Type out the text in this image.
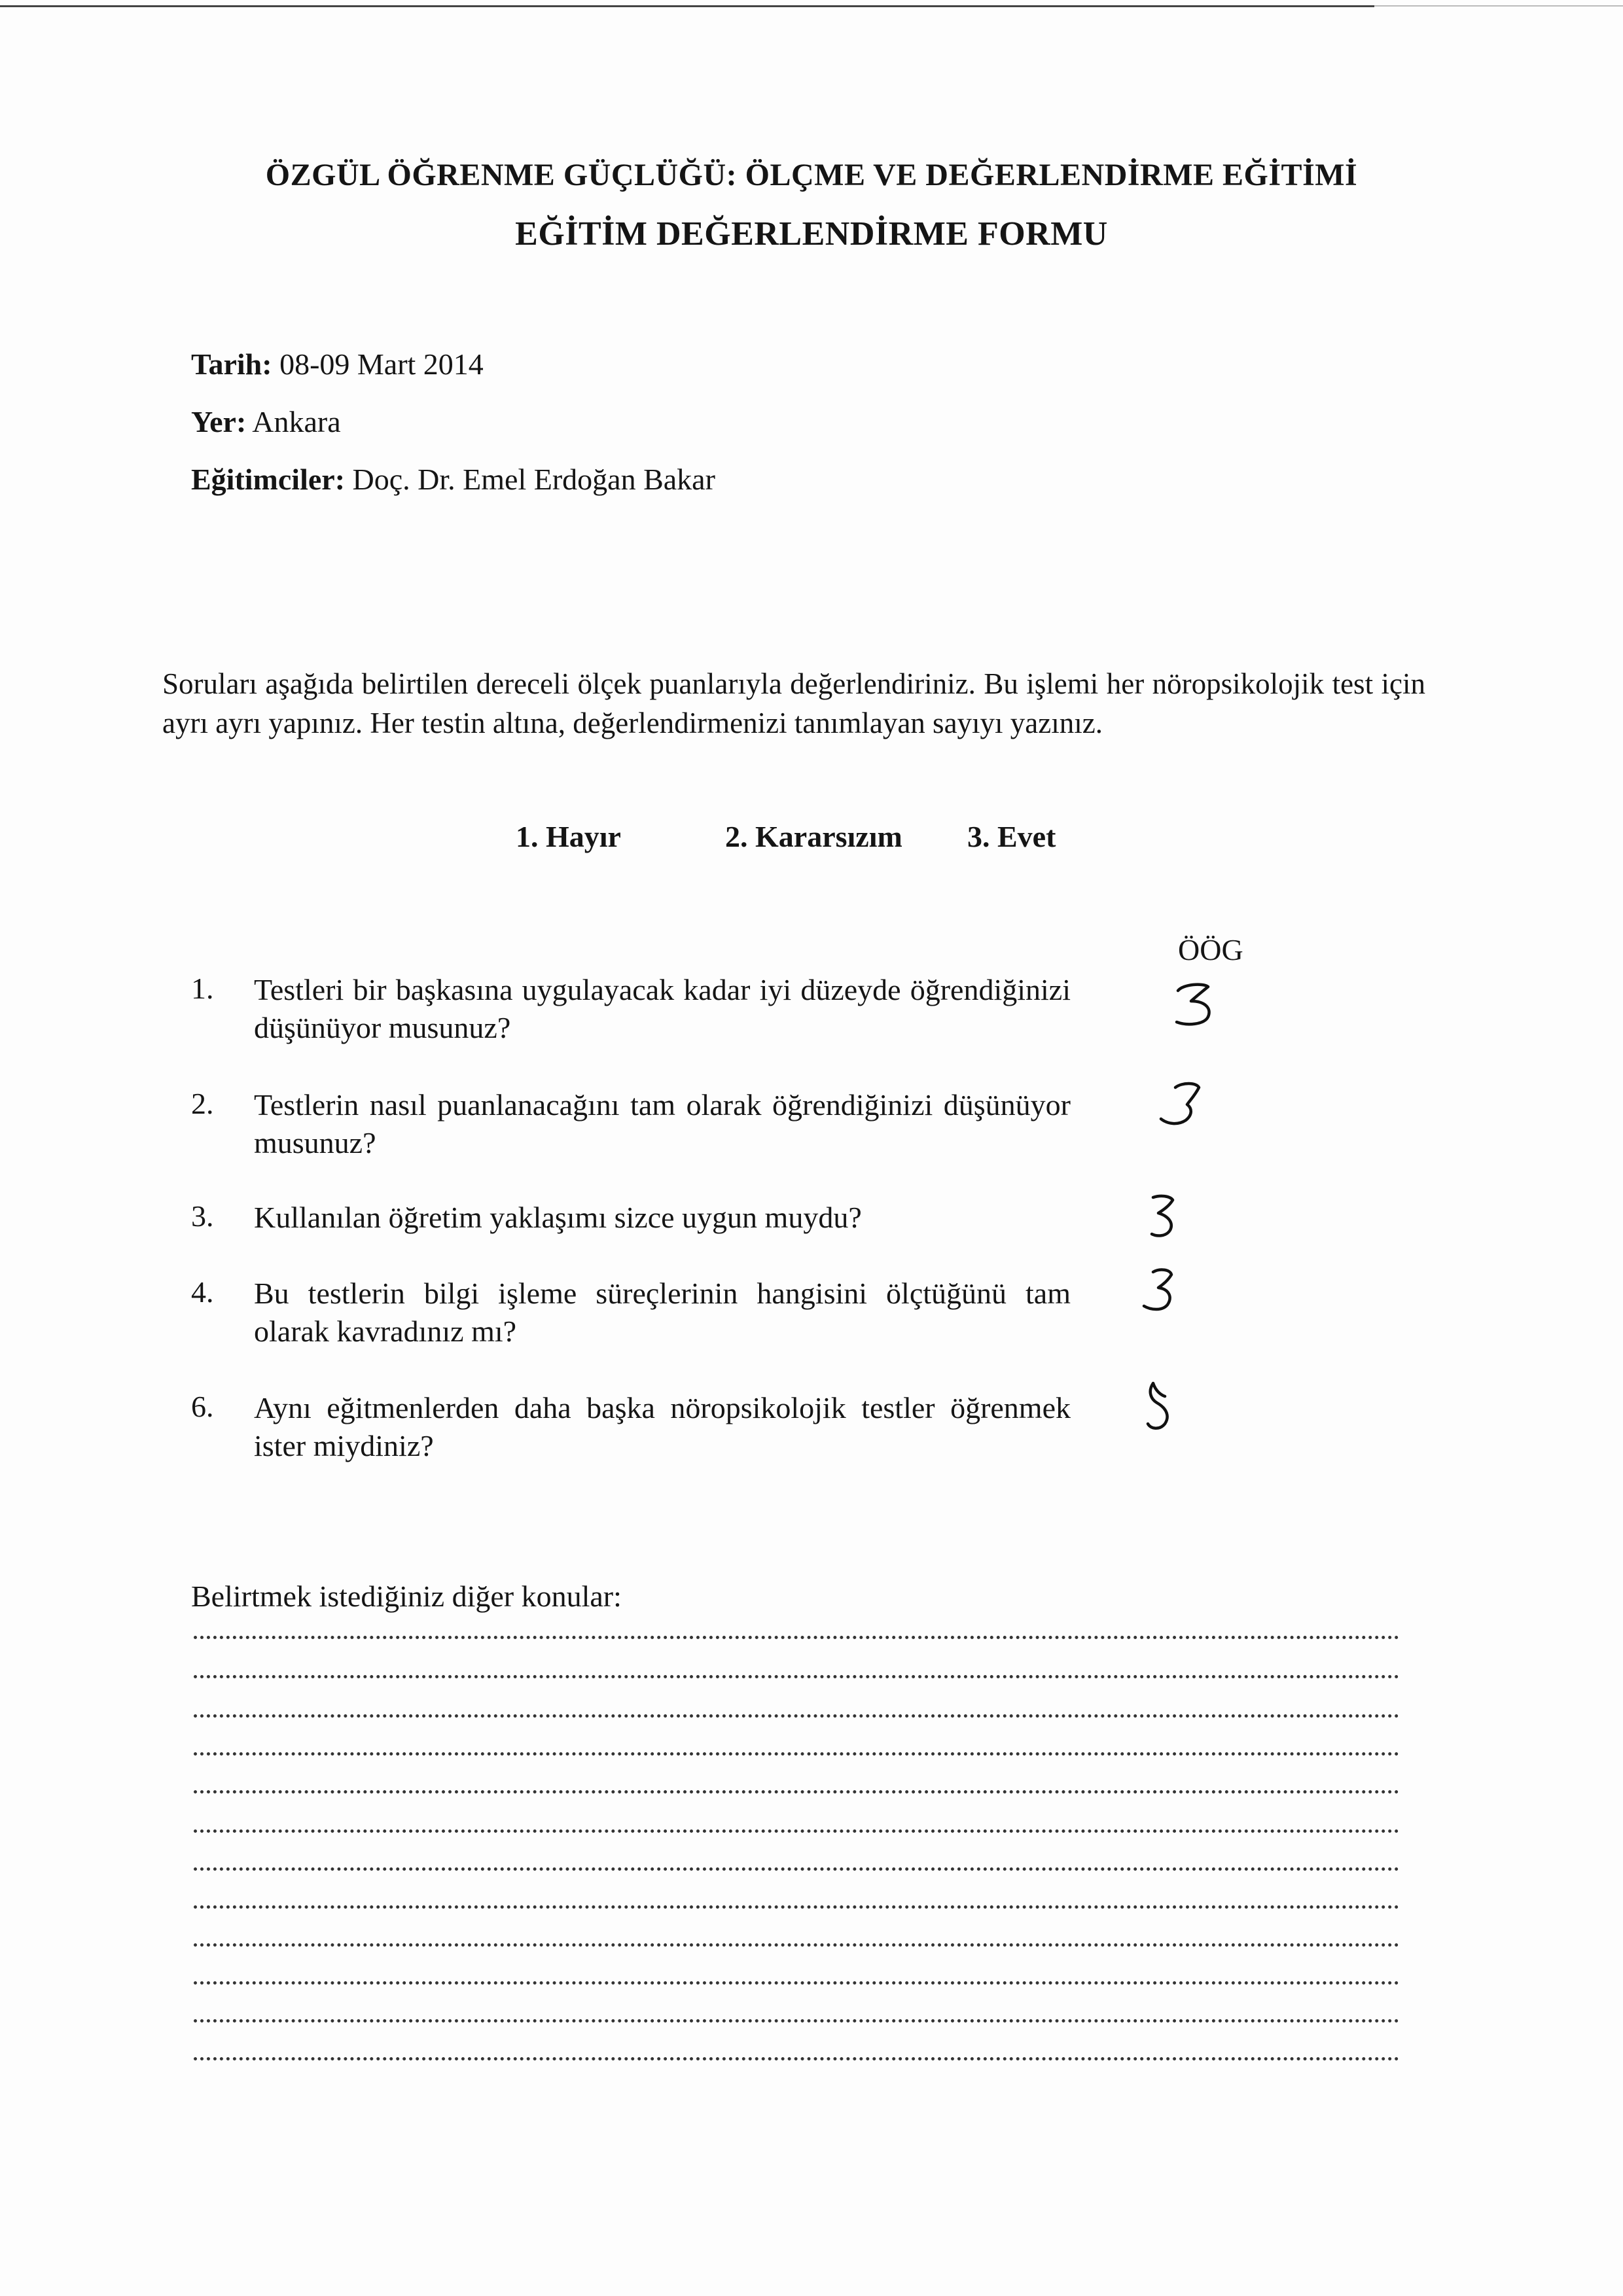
ÖZGÜL ÖĞRENME GÜÇLÜĞÜ: ÖLÇME VE DEĞERLENDİRME EĞİTİMİ
EĞİTİM DEĞERLENDİRME FORMU
Tarih: 08-09 Mart 2014
Yer: Ankara
Eğitimciler: Doç. Dr. Emel Erdoğan Bakar
Soruları aşağıda belirtilen dereceli ölçek puanlarıyla değerlendiriniz. Bu işlemi her nöropsikolojik test için ayrı ayrı yapınız. Her testin altına, değerlendirmenizi tanımlayan sayıyı yazınız.
1. Hayır	2. Kararsızım 3. Evet
ÖÖG
1. Testleri bir başkasına uygulayacak kadar iyi düzeyde öğrendiğinizi düşünüyor musunuz?
2. Testlerin nasıl puanlanacağını tam olarak öğrendiğinizi düşünüyor musunuz?
3. Kullanılan öğretim yaklaşımı sizce uygun muydu?
4. Bu testlerin bilgi işleme süreçlerinin hangisini ölçtüğünü tam olarak kavradınız mı?
6. Aynı eğitmenlerden daha başka nöropsikolojik testler öğrenmek ister miydiniz?
Belirtmek istediğiniz diğer konular:
